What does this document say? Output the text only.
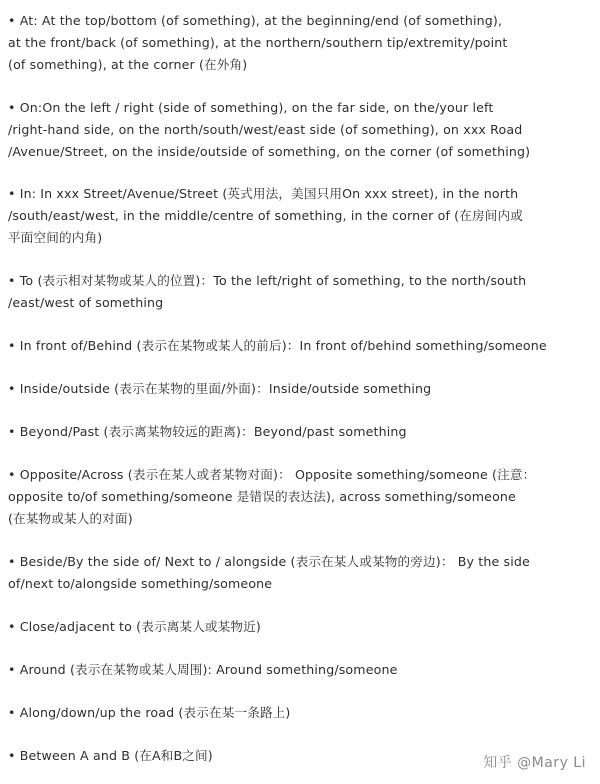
• At: At the top/bottom (of something), at the beginning/end (of something),
at the front/back (of something), at the northern/southern tip/extremity/point
(of something), at the corner (在外角)
• On:On the left / right (side of something), on the far side, on the/your left
/right-hand side, on the north/south/west/east side (of something), on xxx Road
/Avenue/Street, on the inside/outside of something, on the corner (of something)
• In: In xxx Street/Avenue/Street (英式用法，美国只用On xxx street), in the north
/south/east/west, in the middle/centre of something, in the corner of (在房间内或
平面空间的内角)
• To (表示相对某物或某人的位置)：To the left/right of something, to the north/south
/east/west of something
• In front of/Behind (表示在某物或某人的前后)：In front of/behind something/someone
• Inside/outside (表示在某物的里面/外面)：Inside/outside something
• Beyond/Past (表示离某物较远的距离)：Beyond/past something
• Opposite/Across (表示在某人或者某物对面)： Opposite something/someone (注意：
opposite to/of something/someone 是错误的表达法), across something/someone
(在某物或某人的对面)
• Beside/By the side of/ Next to / alongside (表示在某人或某物的旁边)： By the side
of/next to/alongside something/someone
• Close/adjacent to (表示离某人或某物近)
• Around (表示在某物或某人周围): Around something/someone
• Along/down/up the road (表示在某一条路上)
• Between A and B (在A和B之间)	知乎 @Mary Li
